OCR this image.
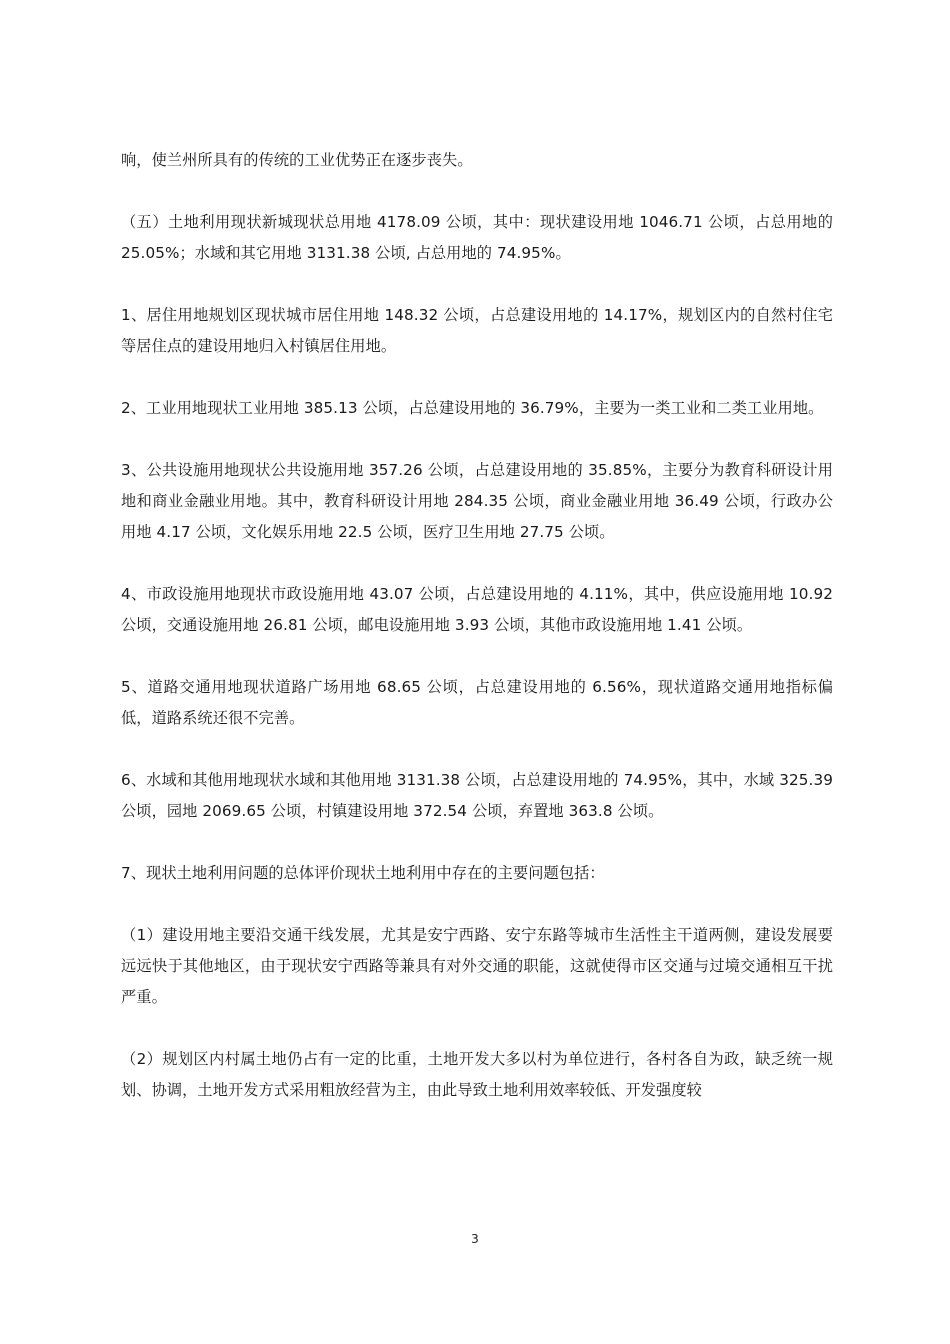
响，使兰州所具有的传统的工业优势正在逐步丧失。

（五）土地利用现状新城现状总用地 4178.09 公顷，其中：现状建设用地 1046.71 公顷，占总用地的 25.05%；水域和其它用地 3131.38 公顷, 占总用地的 74.95%。

1、居住用地规划区现状城市居住用地 148.32 公顷，占总建设用地的 14.17%，规划区内的自然村住宅等居住点的建设用地归入村镇居住用地。

2、工业用地现状工业用地 385.13 公顷，占总建设用地的 36.79%，主要为一类工业和二类工业用地。

3、公共设施用地现状公共设施用地 357.26 公顷，占总建设用地的 35.85%，主要分为教育科研设计用地和商业金融业用地。其中，教育科研设计用地 284.35 公顷，商业金融业用地 36.49 公顷，行政办公用地 4.17 公顷，文化娱乐用地 22.5 公顷，医疗卫生用地 27.75 公顷。

4、市政设施用地现状市政设施用地 43.07 公顷，占总建设用地的 4.11%，其中，供应设施用地 10.92 公顷，交通设施用地 26.81 公顷，邮电设施用地 3.93 公顷，其他市政设施用地 1.41 公顷。

5、道路交通用地现状道路广场用地 68.65 公顷，占总建设用地的 6.56%，现状道路交通用地指标偏低，道路系统还很不完善。

6、水域和其他用地现状水域和其他用地 3131.38 公顷，占总建设用地的 74.95%，其中，水域 325.39 公顷，园地 2069.65 公顷，村镇建设用地 372.54 公顷，弃置地 363.8 公顷。

7、现状土地利用问题的总体评价现状土地利用中存在的主要问题包括：

（1）建设用地主要沿交通干线发展，尤其是安宁西路、安宁东路等城市生活性主干道两侧，建设发展要远远快于其他地区，由于现状安宁西路等兼具有对外交通的职能，这就使得市区交通与过境交通相互干扰严重。

（2）规划区内村属土地仍占有一定的比重，土地开发大多以村为单位进行，各村各自为政，缺乏统一规划、协调，土地开发方式采用粗放经营为主，由此导致土地利用效率较低、开发强度较

3
